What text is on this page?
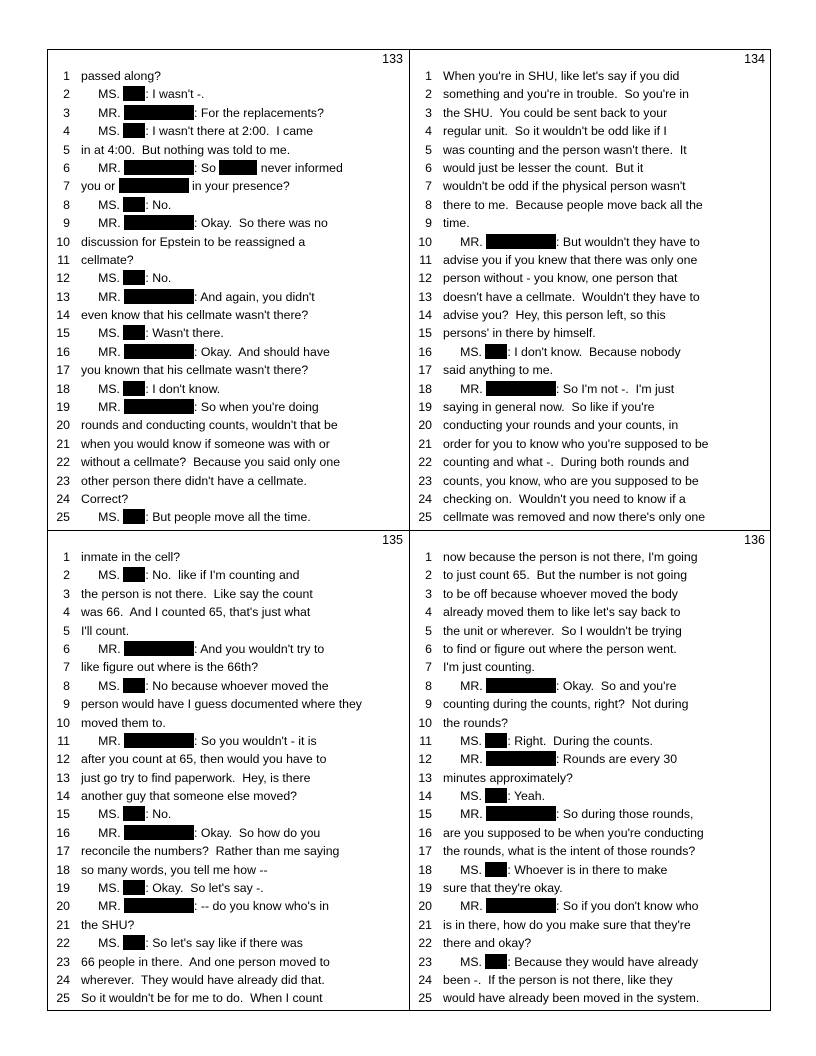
133
1 passed along?
2 MS. : I wasn't -.
3 MR.	: For the replacements?
4 MS. : I wasn't there at 2:00.  I came
5 in at 4:00.  But nothing was told to me.
6 MR.	: So	never informed
7 you or	in your presence?
8 MS. : No.
9 MR.	: Okay.  So there was no
10 discussion for Epstein to be reassigned a
11 cellmate?
12 MS. : No.
13 MR.	: And again, you didn't
14 even know that his cellmate wasn't there?
15 MS. : Wasn't there.
16 MR.	: Okay.  And should have
17 you known that his cellmate wasn't there?
18 MS. : I don't know.
19 MR.	: So when you're doing
20 rounds and conducting counts, wouldn't that be
21 when you would know if someone was with or
22 without a cellmate?  Because you said only one
23 other person there didn't have a cellmate.
24 Correct?
25 MS. : But people move all the time.
134
1 When you're in SHU, like let's say if you did
2 something and you're in trouble.  So you're in
3 the SHU.  You could be sent back to your
4 regular unit.  So it wouldn't be odd like if I
5 was counting and the person wasn't there.  It
6 would just be lesser the count.  But it
7 wouldn't be odd if the physical person wasn't
8 there to me.  Because people move back all the
9 time.
10 MR.	: But wouldn't they have to
11 advise you if you knew that there was only one
12 person without - you know, one person that
13 doesn't have a cellmate.  Wouldn't they have to
14 advise you?  Hey, this person left, so this
15 persons' in there by himself.
16 MS. : I don't know.  Because nobody
17 said anything to me.
18 MR.	: So I'm not -.  I'm just
19 saying in general now.  So like if you're
20 conducting your rounds and your counts, in
21 order for you to know who you're supposed to be
22 counting and what -.  During both rounds and
23 counts, you know, who are you supposed to be
24 checking on.  Wouldn't you need to know if a
25 cellmate was removed and now there's only one
135
1 inmate in the cell?
2 MS. : No.  like if I'm counting and
3 the person is not there.  Like say the count
4 was 66.  And I counted 65, that's just what
5 I'll count.
6 MR.	: And you wouldn't try to
7 like figure out where is the 66th?
8 MS. : No because whoever moved the
9 person would have I guess documented where they
10 moved them to.
11 MR.	: So you wouldn't - it is
12 after you count at 65, then would you have to
13 just go try to find paperwork.  Hey, is there
14 another guy that someone else moved?
15 MS. : No.
16 MR.	: Okay.  So how do you
17 reconcile the numbers?  Rather than me saying
18 so many words, you tell me how --
19 MS. : Okay.  So let's say -.
20 MR.	: -- do you know who's in
21 the SHU?
22 MS. : So let's say like if there was
23 66 people in there.  And one person moved to
24 wherever.  They would have already did that.
25 So it wouldn't be for me to do.  When I count
136
1 now because the person is not there, I'm going
2 to just count 65.  But the number is not going
3 to be off because whoever moved the body
4 already moved them to like let's say back to
5 the unit or wherever.  So I wouldn't be trying
6 to find or figure out where the person went.
7 I'm just counting.
8 MR.	: Okay.  So and you're
9 counting during the counts, right?  Not during
10 the rounds?
11 MS. : Right.  During the counts.
12 MR.	: Rounds are every 30
13 minutes approximately?
14 MS. : Yeah.
15 MR.	: So during those rounds,
16 are you supposed to be when you're conducting
17 the rounds, what is the intent of those rounds?
18 MS. : Whoever is in there to make
19 sure that they're okay.
20 MR.	: So if you don't know who
21 is in there, how do you make sure that they're
22 there and okay?
23 MS. : Because they would have already
24 been -.  If the person is not there, like they
25 would have already been moved in the system.
